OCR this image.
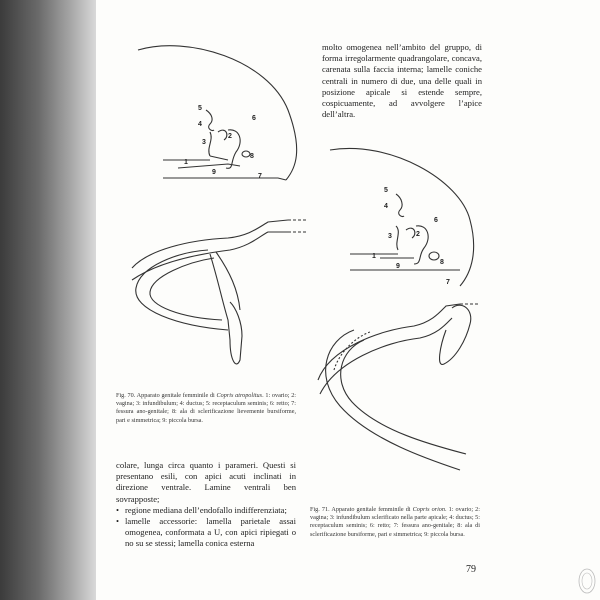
5
4
2
3
6
8
1
9
7
5
4
2
3
6
8
1
9
7

molto omogenea nell’ambito del gruppo, di forma irregolarmente quadrangolare, concava, carenata sulla faccia interna; lamelle coniche centrali in numero di due, una delle quali in posizione apicale si estende sempre, cospicuamente, ad avvolgere l’apice dell’altra.

Fig. 70. Apparato genitale femminile di Copris atropolitus. 1: ovario; 2: vagina; 3: infundibulum; 4: ductus; 5: receptaculum seminis; 6: retto; 7: fessura ano-genitale; 8: ala di sclerificazione lievemente bursiforme, pari e simmetrica; 9: piccola bursa.

colare, lunga circa quanto i parameri. Questi si presentano esili, con apici acuti inclinati in direzione ventrale. Lamine ventrali ben sovrapposte;

• regione mediana dell’endofallo indifferenziata;
• lamelle accessorie: lamella parietale assai omogenea, conformata a U, con apici ripiegati o no su se stessi; lamella conica esterna
Fig. 71. Apparato genitale femminile di Copris orion. 1: ovario; 2: vagina; 3: infundibulum sclerificato nella parte apicale; 4: ductus; 5: receptaculum seminis; 6: retto; 7: fessura ano-genitale; 8: ala di sclerificazione bursiforme, pari e simmetrica; 9: piccola bursa.
79
